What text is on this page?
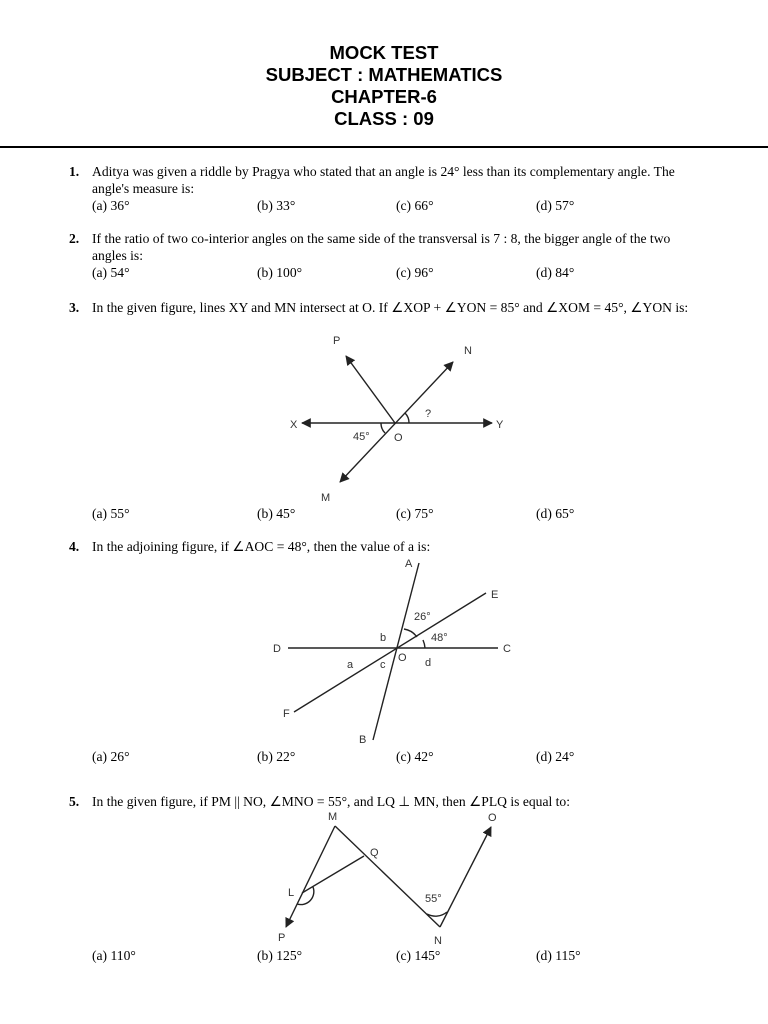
MOCK TEST
SUBJECT : MATHEMATICS
CHAPTER-6
CLASS : 09
1. Aditya was given a riddle by Pragya who stated that an angle is 24° less than its complementary angle. The angle's measure is:
(a) 36°	(b) 33°	(c) 66°	(d) 57°
2. If the ratio of two co-interior angles on the same side of the transversal is 7 : 8, the bigger angle of the two angles is:
(a) 54°	(b) 100°	(c) 96°	(d) 84°
3. In the given figure, lines XY and MN intersect at O. If ∠XOP + ∠YON = 85° and ∠XOM = 45°, ∠YON is:
P
N
X	Y
O
M
45°
?
(a) 55°	(b) 45°	(c) 75°	(d) 65°
4. In the adjoining figure, if ∠AOC = 48°, then the value of a is:
A
E
D	C
F
B
O
a
b
c	d
26°
48°
(a) 26°	(b) 22°	(c) 42°	(d) 24°
5. In the given figure, if PM || NO, ∠MNO = 55°, and LQ ⊥ MN, then ∠PLQ is equal to:
M	O
Q
L
P	N
55°
(a) 110°	(b) 125°	(c) 145°	(d) 115°
